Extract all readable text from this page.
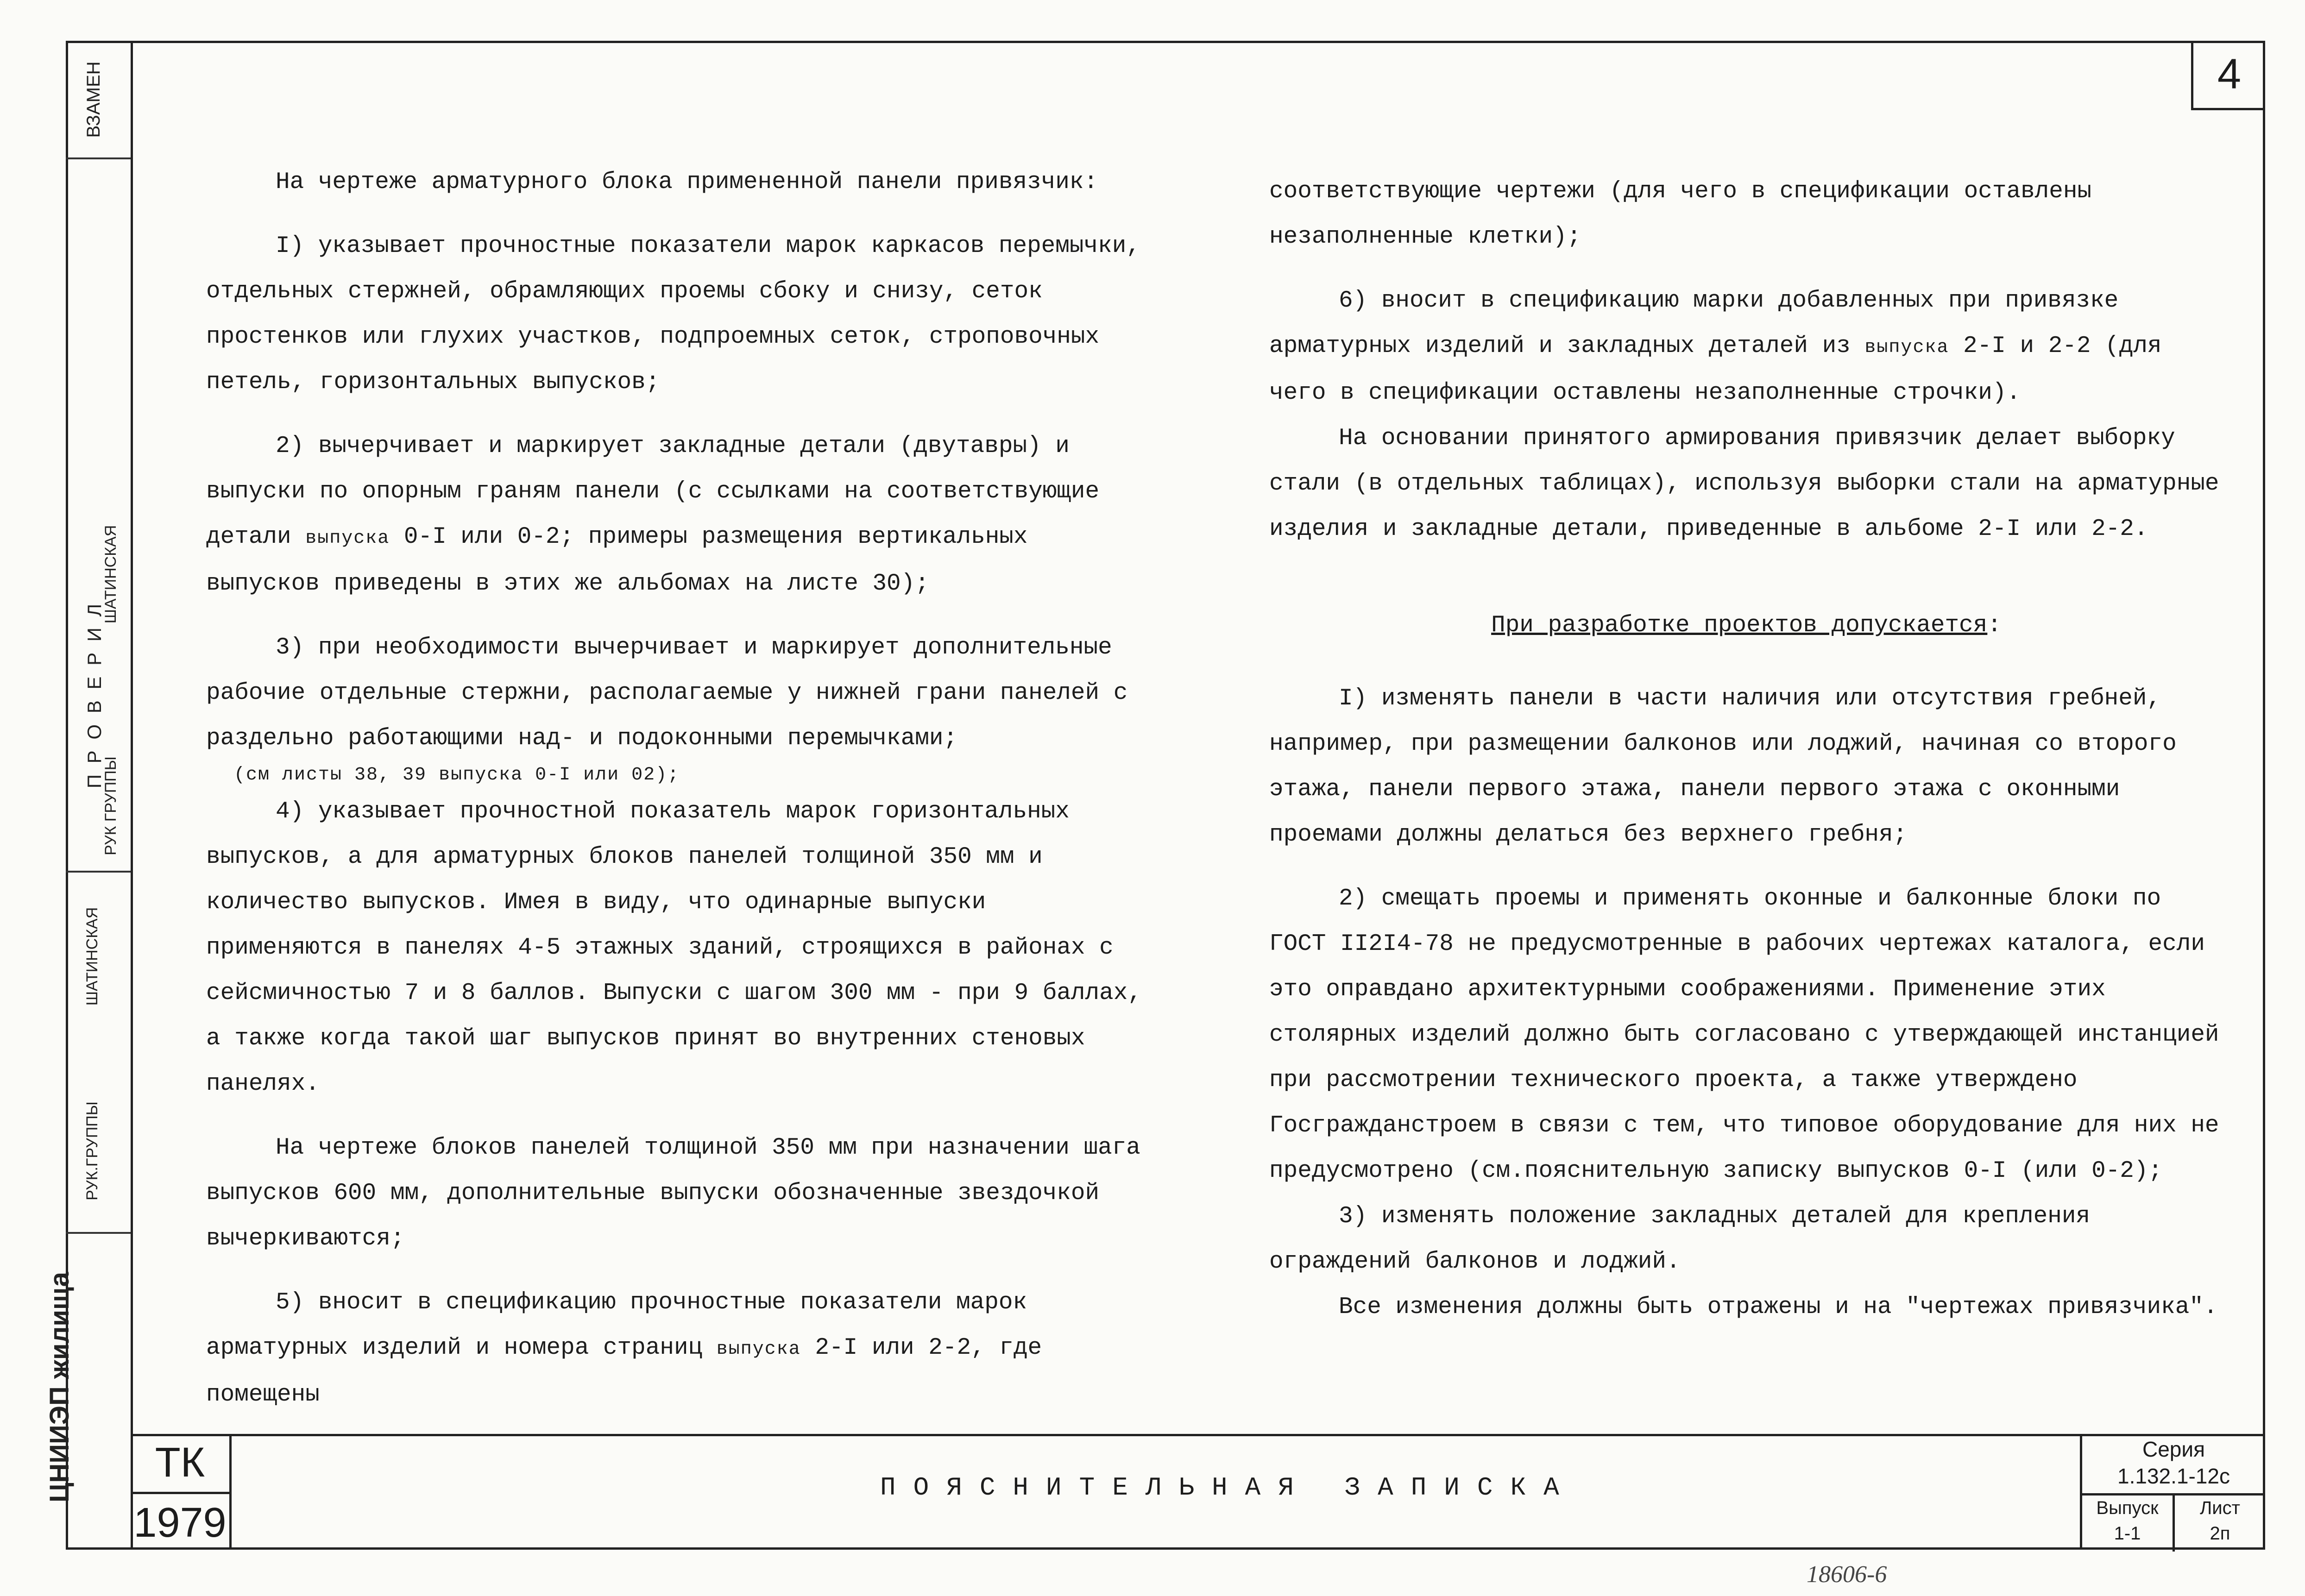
ВЗАМЕН
П Р О В Е Р И Л
РУК ГРУППЫ
ШАТИНСКАЯ
ШАТИНСКАЯ
РУК.ГРУППЫ
ЦНИИЭП жилища
4

На чертеже арматурного блока примененной панели привязчик:

I) указывает прочностные показатели марок каркасов перемычки, отдельных стержней, обрамляющих проемы сбоку и снизу, сеток простенков или глухих участков, подпроемных сеток, строповочных петель, горизонтальных выпусков;

2) вычерчивает и маркирует закладные детали (двутавры) и выпуски по опорным граням панели (с ссылками на соответствующие детали выпуска 0-I или 0-2; примеры размещения вертикальных выпусков приведены в этих же альбомах на листе 30);

3) при необходимости вычерчивает и маркирует дополнительные рабочие отдельные стержни, располагаемые у нижней грани панелей с раздельно работающими над- и подоконными перемычками;

(см листы 38, 39 выпуска 0-I или 02);

4) указывает прочностной показатель марок горизонтальных выпусков, а для арматурных блоков панелей толщиной 350 мм и количество выпусков. Имея в виду, что одинарные выпуски применяются в панелях 4-5 этажных зданий, строящихся в районах с сейсмичностью 7 и 8 баллов. Выпуски с шагом 300 мм - при 9 баллах, а также когда такой шаг выпусков принят во внутренних стеновых панелях.

На чертеже блоков панелей толщиной 350 мм при назначении шага выпусков 600 мм, дополнительные выпуски обозначенные звездочкой вычеркиваются;

5) вносит в спецификацию прочностные показатели марок арматурных изделий и номера страниц выпуска 2-I или 2-2, где помещены

соответствующие чертежи (для чего в спецификации оставлены незаполненные клетки);

6) вносит в спецификацию марки добавленных при привязке арматурных изделий и закладных деталей из выпуска 2-I и 2-2 (для чего в спецификации оставлены незаполненные строчки).

На основании принятого армирования привязчик делает выборку стали (в отдельных таблицах), используя выборки стали на арматурные изделия и закладные детали, приведенные в альбоме 2-I или 2-2.

При разработке проектов допускается:

I) изменять панели в части наличия или отсутствия гребней, например, при размещении балконов или лоджий, начиная со второго этажа, панели первого этажа, панели первого этажа с оконными проемами должны делаться без верхнего гребня;

2) смещать проемы и применять оконные и балконные блоки по ГОСТ II2I4-78 не предусмотренные в рабочих чертежах каталога, если это оправдано архитектурными соображениями. Применение этих столярных изделий должно быть согласовано с утверждающей инстанцией при рассмотрении технического проекта, а также утверждено Госгражданстроем в связи с тем, что типовое оборудование для них не предусмотрено (см.пояснительную записку выпусков 0-I (или 0-2);

3) изменять положение закладных деталей для крепления ограждений балконов и лоджий.

Все изменения должны быть отражены и на "чертежах привязчика".

ТК
1979
ПОЯСНИТЕЛЬНАЯ ЗАПИСКА
Серия
1.132.1-12с
Выпуск
1-1
Лист
2п
18606-6
